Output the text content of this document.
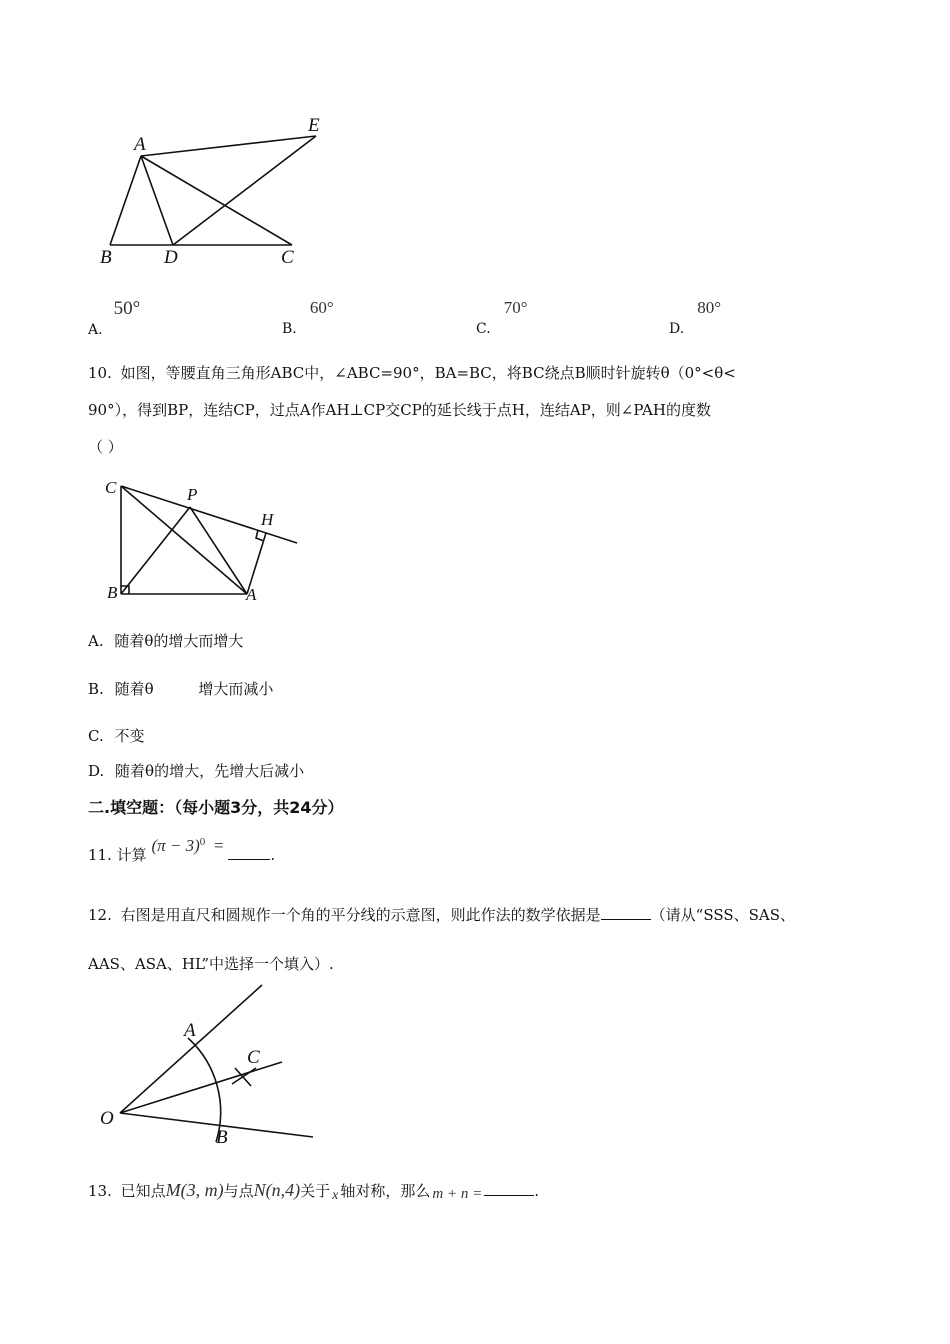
A
E
B	D	C
A. 50°
B. 60°
C. 70°
D. 80°
10. 如图，等腰直角三角形ABC中，∠ABC=90°，BA=BC，将BC绕点B顺时针旋转θ（0°<θ<
90°），得到BP，连结CP，过点A作AH⊥CP交CP的延长线于点H，连结AP，则∠PAH的度数
（ ）
C	P
H
B	A
A. 随着θ的增大而增大
B. 随着θ	增大而减小
C. 不变
D. 随着θ的增大，先增大后减小
二.填空题：（每小题3分，共24分）
11. 计算 $(\pi - 3)^0$ =	.
12. 右图是用直尺和圆规作一个角的平分线的示意图，则此作法的数学依据是	（请从“SSS、SAS、
AAS、ASA、HL”中选择一个填入）.
A
C
O
B
13. 已知点M(3, m)与点N(n,4)关于 x 轴对称，那么 m + n =	.
